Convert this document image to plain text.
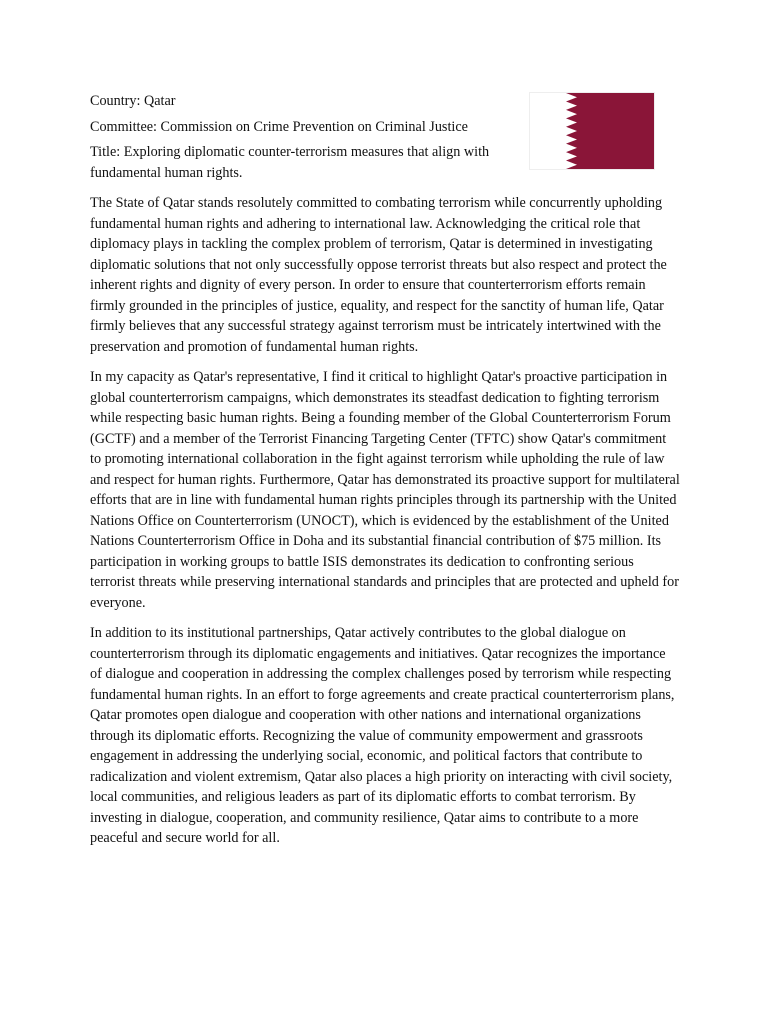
Country: Qatar

Committee: Commission on Crime Prevention on Criminal Justice

Title: Exploring diplomatic counter-terrorism measures that align with fundamental human rights.

The State of Qatar stands resolutely committed to combating terrorism while concurrently upholding fundamental human rights and adhering to international law. Acknowledging the critical role that diplomacy plays in tackling the complex problem of terrorism, Qatar is determined in investigating diplomatic solutions that not only successfully oppose terrorist threats but also respect and protect the inherent rights and dignity of every person. In order to ensure that counterterrorism efforts remain firmly grounded in the principles of justice, equality, and respect for the sanctity of human life, Qatar firmly believes that any successful strategy against terrorism must be intricately intertwined with the preservation and promotion of fundamental human rights.

In my capacity as Qatar's representative, I find it critical to highlight Qatar's proactive participation in global counterterrorism campaigns, which demonstrates its steadfast dedication to fighting terrorism while respecting basic human rights. Being a founding member of the Global Counterterrorism Forum (GCTF) and a member of the Terrorist Financing Targeting Center (TFTC) show Qatar's commitment to promoting international collaboration in the fight against terrorism while upholding the rule of law and respect for human rights. Furthermore, Qatar has demonstrated its proactive support for multilateral efforts that are in line with fundamental human rights principles through its partnership with the United Nations Office on Counterterrorism (UNOCT), which is evidenced by the establishment of the United Nations Counterterrorism Office in Doha and its substantial financial contribution of $75 million. Its participation in working groups to battle ISIS demonstrates its dedication to confronting serious terrorist threats while preserving international standards and principles that are protected and upheld for everyone.

In addition to its institutional partnerships, Qatar actively contributes to the global dialogue on counterterrorism through its diplomatic engagements and initiatives. Qatar recognizes the importance of dialogue and cooperation in addressing the complex challenges posed by terrorism while respecting fundamental human rights. In an effort to forge agreements and create practical counterterrorism plans, Qatar promotes open dialogue and cooperation with other nations and international organizations through its diplomatic efforts. Recognizing the value of community empowerment and grassroots engagement in addressing the underlying social, economic, and political factors that contribute to radicalization and violent extremism, Qatar also places a high priority on interacting with civil society, local communities, and religious leaders as part of its diplomatic efforts to combat terrorism. By investing in dialogue, cooperation, and community resilience, Qatar aims to contribute to a more peaceful and secure world for all.
